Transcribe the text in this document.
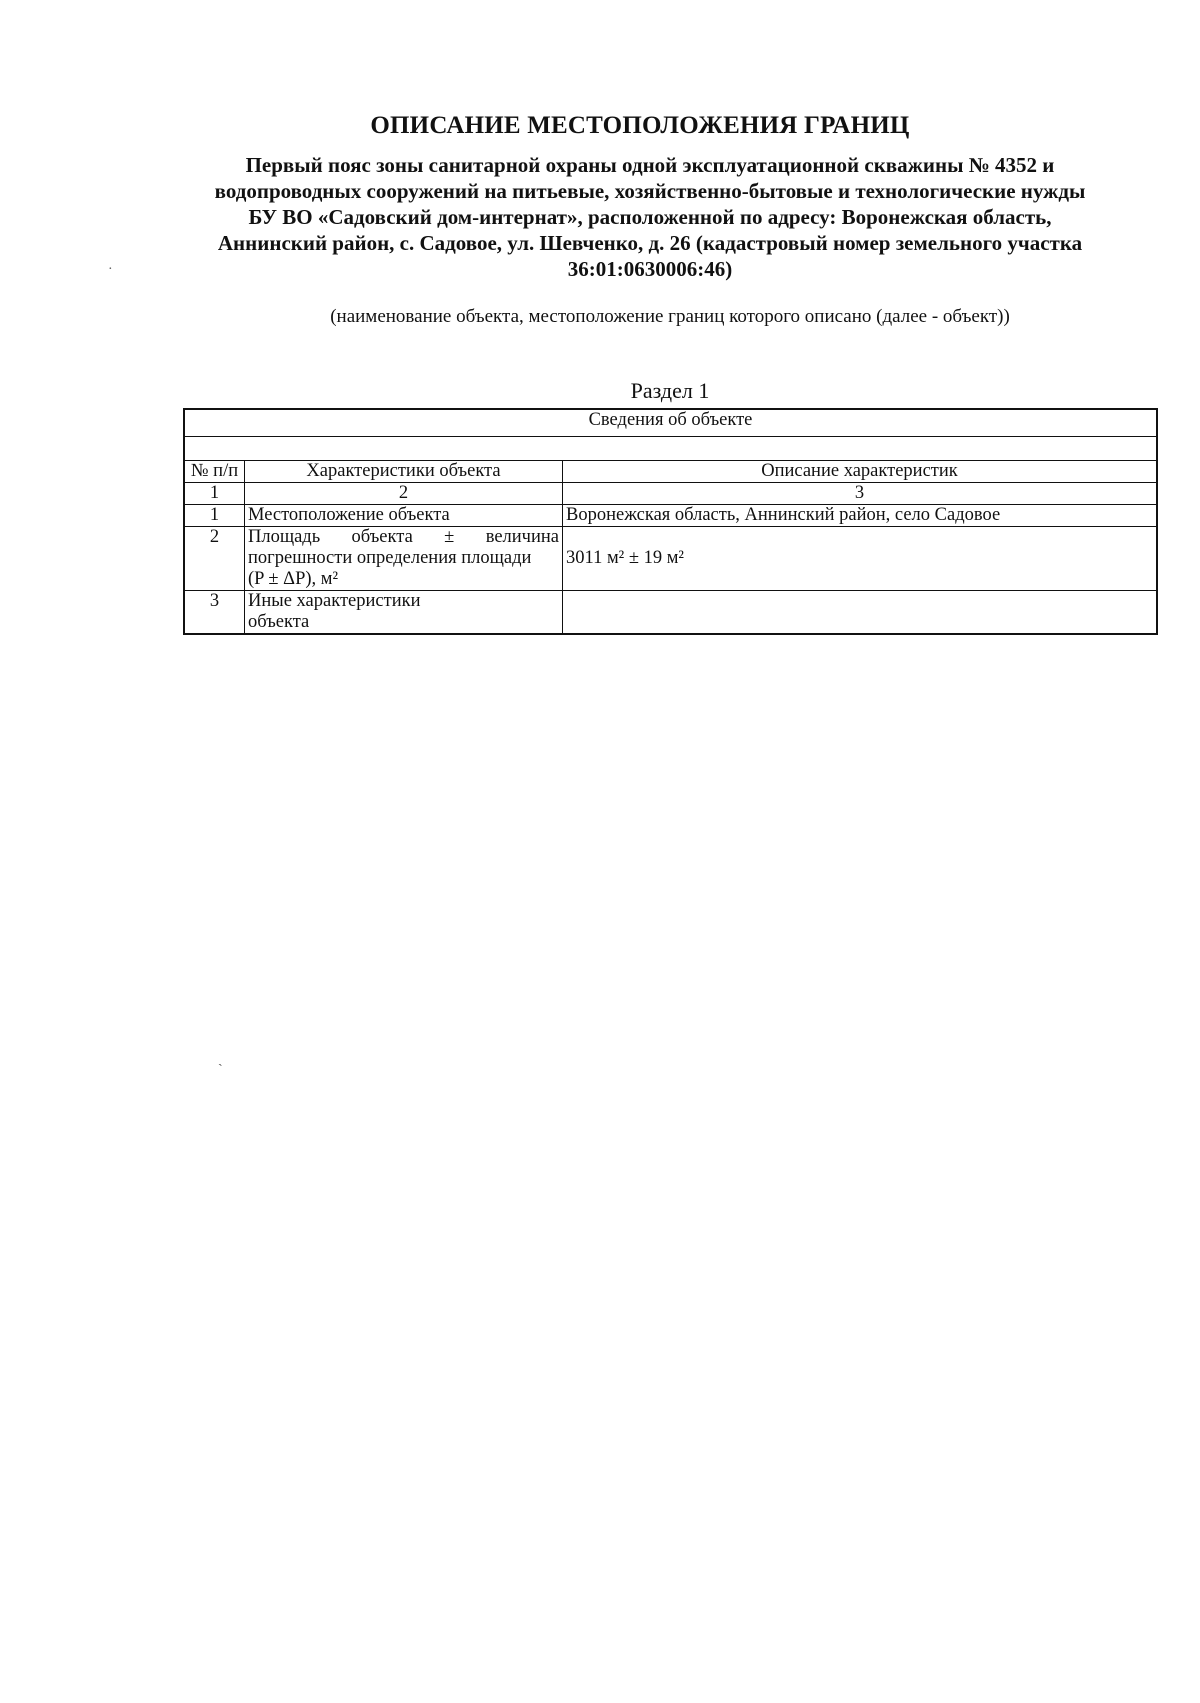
ОПИСАНИЕ МЕСТОПОЛОЖЕНИЯ ГРАНИЦ
Первый пояс зоны санитарной охраны одной эксплуатационной скважины № 4352 и
водопроводных сооружений на питьевые, хозяйственно-бытовые и технологические нужды
БУ ВО «Садовский дом-интернат», расположенной по адресу: Воронежская область,
Аннинский район, с. Садовое, ул. Шевченко, д. 26 (кадастровый номер земельного участка
36:01:0630006:46)
(наименование объекта, местоположение границ которого описано (далее - объект))
Раздел 1
Сведения об объекте		

№ п/п	Характеристики объекта	Описание характеристик
1	2	3
1	Местоположение объекта	Воронежская область, Аннинский район, село Садовое
2	Площадь объекта ± величина
погрешности определения площади
(P ± ΔP), м²	3011 м² ± 19 м²
3	Иные характеристики
объекта	

·
ˏ
